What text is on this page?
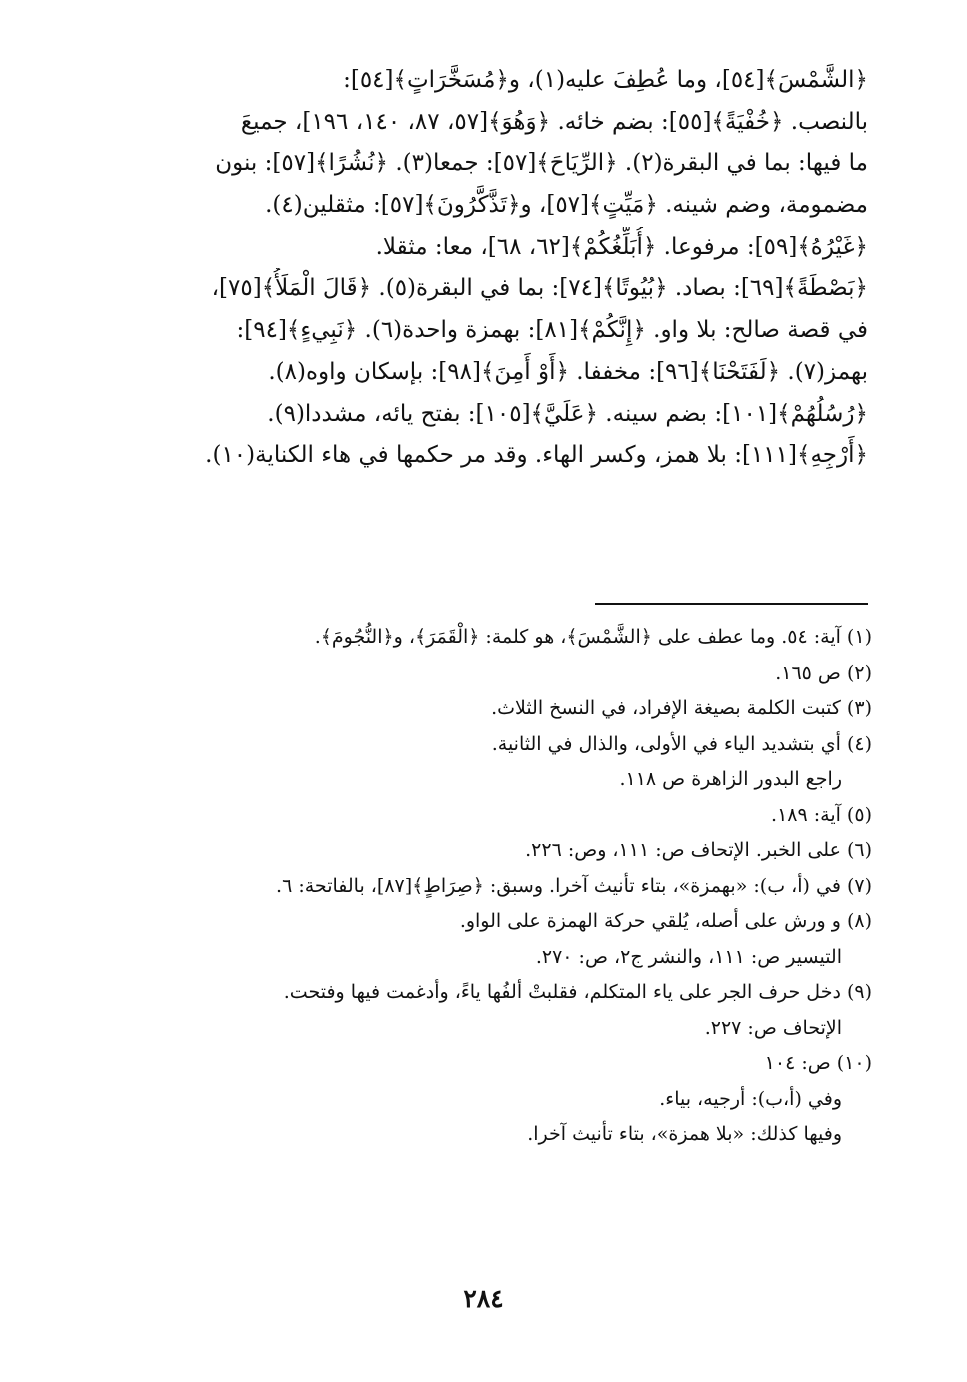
﴿الشَّمْسَ﴾[٥٤]، وما عُطِفَ عليه(١)، و﴿مُسَخَّرَاتٍ﴾[٥٤]:
بالنصب. ﴿خُفْيَةً﴾[٥٥]: بضم خائه. ﴿وَهُوَ﴾[٥٧، ٨٧، ١٤٠، ١٩٦]، جميعَ
ما فيها: بما في البقرة(٢). ﴿الرِّيَاحَ﴾[٥٧]: جمعا(٣). ﴿نُشُرًا﴾[٥٧]: بنون
مضمومة، وضم شينه. ﴿مَيِّتٍ﴾[٥٧]، و﴿تَذَّكَّرُونَ﴾[٥٧]: مثقلين(٤).
﴿غَيْرُهُ﴾[٥٩]: مرفوعا. ﴿أُبَلِّغُكُمْ﴾[٦٢، ٦٨]، معا: مثقلا.
﴿بَصْطَةً﴾[٦٩]: بصاد. ﴿بُيُوتًا﴾[٧٤]: بما في البقرة(٥). ﴿قَالَ الْمَلَأُ﴾[٧٥]،
في قصة صالح: بلا واو. ﴿إِنَّكُمْ﴾[٨١]: بهمزة واحدة(٦). ﴿نَبِيءٍ﴾[٩٤]:
بهمز(٧). ﴿لَفَتَحْنَا﴾[٩٦]: مخففا. ﴿أَوْ أَمِنَ﴾[٩٨]: بإسكان واوه(٨).
﴿رُسُلُهُمْ﴾[١٠١]: بضم سينه. ﴿عَلَيَّ﴾[١٠٥]: بفتح يائه، مشددا(٩).
﴿أَرْجِهِ﴾[١١١]: بلا همز، وكسر الهاء. وقد مر حكمها في هاء الكناية(١٠).
(١) آية: ٥٤. وما عطف على ﴿الشَّمْسَ﴾، هو كلمة: ﴿الْقَمَرَ﴾، و﴿النُّجُومَ﴾.
(٢) ص ١٦٥.
(٣) كتبت الكلمة بصيغة الإفراد، في النسخ الثلاث.
(٤) أي بتشديد الياء في الأولى، والذال في الثانية.
راجع البدور الزاهرة ص ١١٨.
(٥) آية: ١٨٩.
(٦) على الخبر. الإتحاف ص: ١١١، وص: ٢٢٦.
(٧) في (أ، ب): «بهمزة»، بتاء تأنيث آخرا. وسبق: ﴿صِرَاطٍ﴾[٨٧]، بالفاتحة: ٦.
(٨) و ورش على أصله، يُلقي حركة الهمزة على الواو.
التيسير ص: ١١١، والنشر ج٢، ص: ٢٧٠.
(٩) دخل حرف الجر على ياء المتكلم، فقلبتْ ألفُها ياءً، وأدغمت فيها وفتحت.
الإتحاف ص: ٢٢٧.
(١٠) ص: ١٠٤
وفي (أ،ب): أرجيه، بياء.
وفيها كذلك: «بلا همزة»، بتاء تأنيث آخرا.
٢٨٤
